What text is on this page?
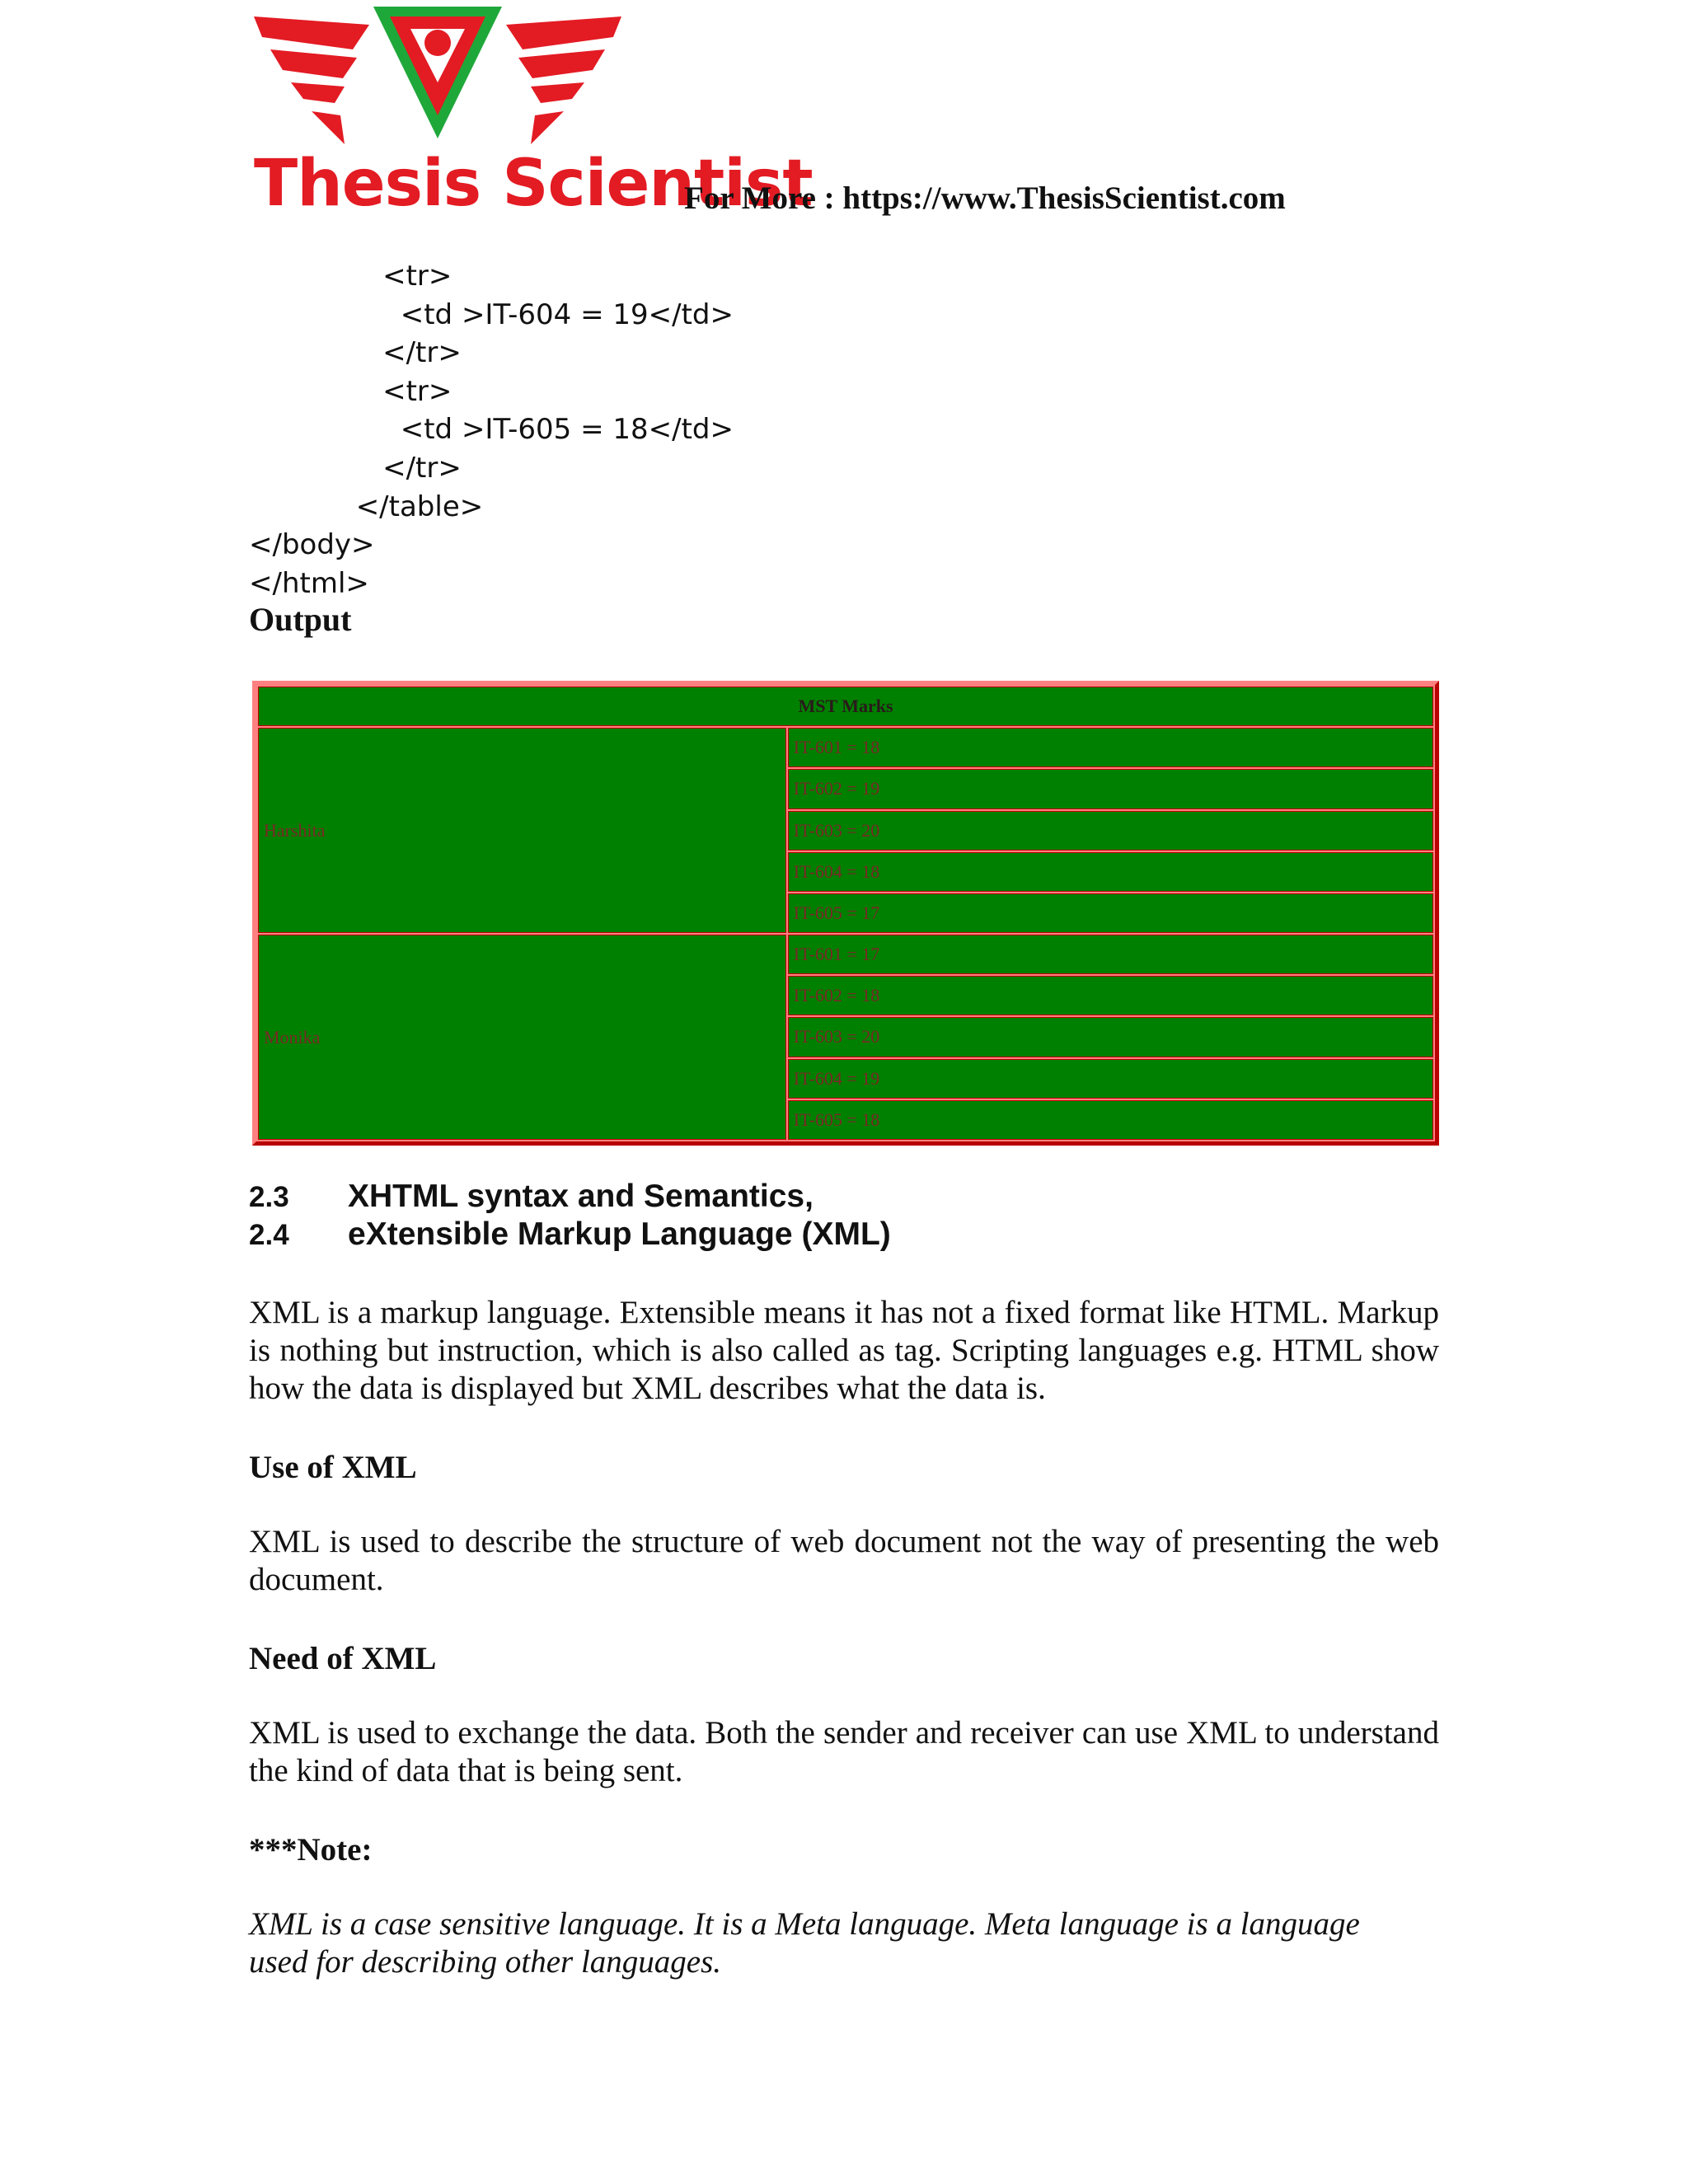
Thesis Scientist
For More : https://www.ThesisScientist.com
<tr>
<td >IT-604 = 19</td>
</tr>
<tr>
<td >IT-605 = 18</td>
</tr>
</table>
</body>
</html>
Output
MST Marks	
Harshita	IT-601 = 18
	IT-602 = 19
	IT-603 = 20
	IT-604 = 18
	IT-605 = 17
Monika	IT-601 = 17
	IT-602 = 18
	IT-603 = 20
	IT-604 = 19
	IT-605 = 18
2.3 XHTML syntax and Semantics,
2.4 eXtensible Markup Language (XML)

XML is a markup language. Extensible means it has not a fixed format like HTML. Markup is nothing but instruction, which is also called as tag. Scripting languages e.g. HTML show how the data is displayed but XML describes what the data is.

Use of XML

XML is used to describe the structure of web document not the way of presenting the web document.

Need of XML

XML is used to exchange the data. Both the sender and receiver can use XML to understand the kind of data that is being sent.

***Note:

XML is a case sensitive language. It is a Meta language. Meta language is a language used for describing other languages.
